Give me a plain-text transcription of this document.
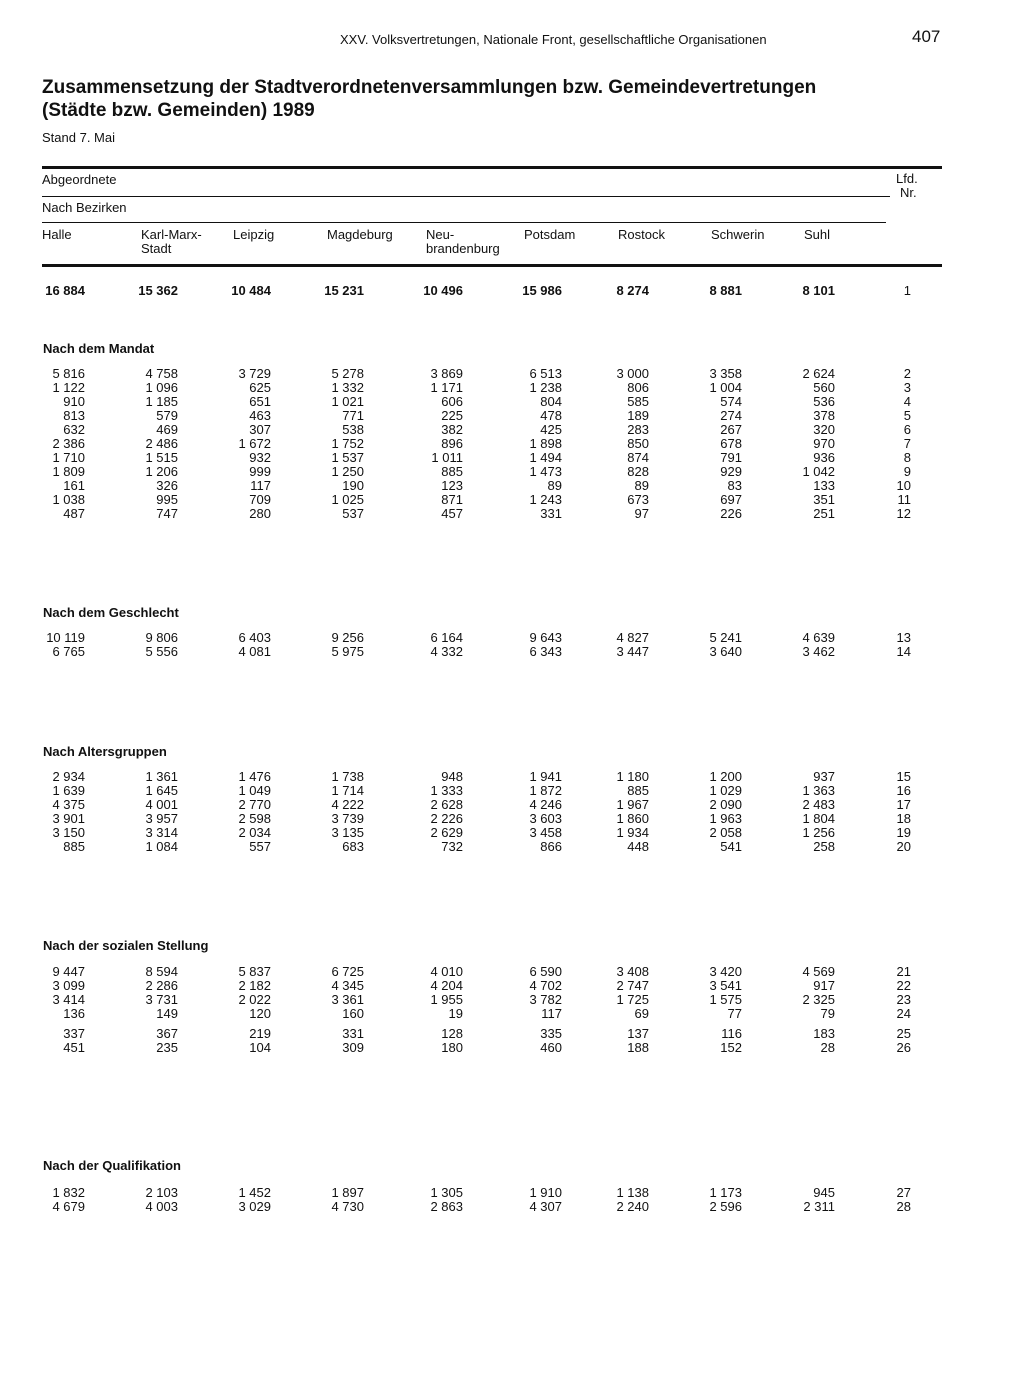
XXV. Volksvertretungen, Nationale Front, gesellschaftliche Organisationen	407
Zusammensetzung der Stadtverordnetenversammlungen bzw. Gemeindevertretungen
(Städte bzw. Gemeinden) 1989
Stand 7. Mai
Abgeordnete	Lfd.
Nr.
Nach Bezirken
Halle	Karl-Marx-
Stadt
Leipzig	Magdeburg	Neu-
brandenburg
Potsdam	Rostock	Schwerin	Suhl
16 884	15 362	10 484	15 231	10 496	15 986	8 274	8 881	8 101	1
Nach dem Mandat
5 816	4 758	3 729	5 278	3 869	6 513	3 000	3 358	2 624	2
1 122	1 096	625	1 332	1 171	1 238	806	1 004	560	3
910	1 185	651	1 021	606	804	585	574	536	4
813	579	463	771	225	478	189	274	378	5
632	469	307	538	382	425	283	267	320	6
2 386	2 486	1 672	1 752	896	1 898	850	678	970	7
1 710	1 515	932	1 537	1 011	1 494	874	791	936	8
1 809	1 206	999	1 250	885	1 473	828	929	1 042	9
161	326	117	190	123	89	89	83	133	10
1 038	995	709	1 025	871	1 243	673	697	351	11
487	747	280	537	457	331	97	226	251	12
Nach dem Geschlecht
10 119	9 806	6 403	9 256	6 164	9 643	4 827	5 241	4 639	13
6 765	5 556	4 081	5 975	4 332	6 343	3 447	3 640	3 462	14
Nach Altersgruppen
2 934	1 361	1 476	1 738	948	1 941	1 180	1 200	937	15
1 639	1 645	1 049	1 714	1 333	1 872	885	1 029	1 363	16
4 375	4 001	2 770	4 222	2 628	4 246	1 967	2 090	2 483	17
3 901	3 957	2 598	3 739	2 226	3 603	1 860	1 963	1 804	18
3 150	3 314	2 034	3 135	2 629	3 458	1 934	2 058	1 256	19
885	1 084	557	683	732	866	448	541	258	20
Nach der sozialen Stellung
9 447	8 594	5 837	6 725	4 010	6 590	3 408	3 420	4 569	21
3 099	2 286	2 182	4 345	4 204	4 702	2 747	3 541	917	22
3 414	3 731	2 022	3 361	1 955	3 782	1 725	1 575	2 325	23
136	149	120	160	19	117	69	77	79	24
337	367	219	331	128	335	137	116	183	25
451	235	104	309	180	460	188	152	28	26
Nach der Qualifikation
1 832	2 103	1 452	1 897	1 305	1 910	1 138	1 173	945	27
4 679	4 003	3 029	4 730	2 863	4 307	2 240	2 596	2 311	28
